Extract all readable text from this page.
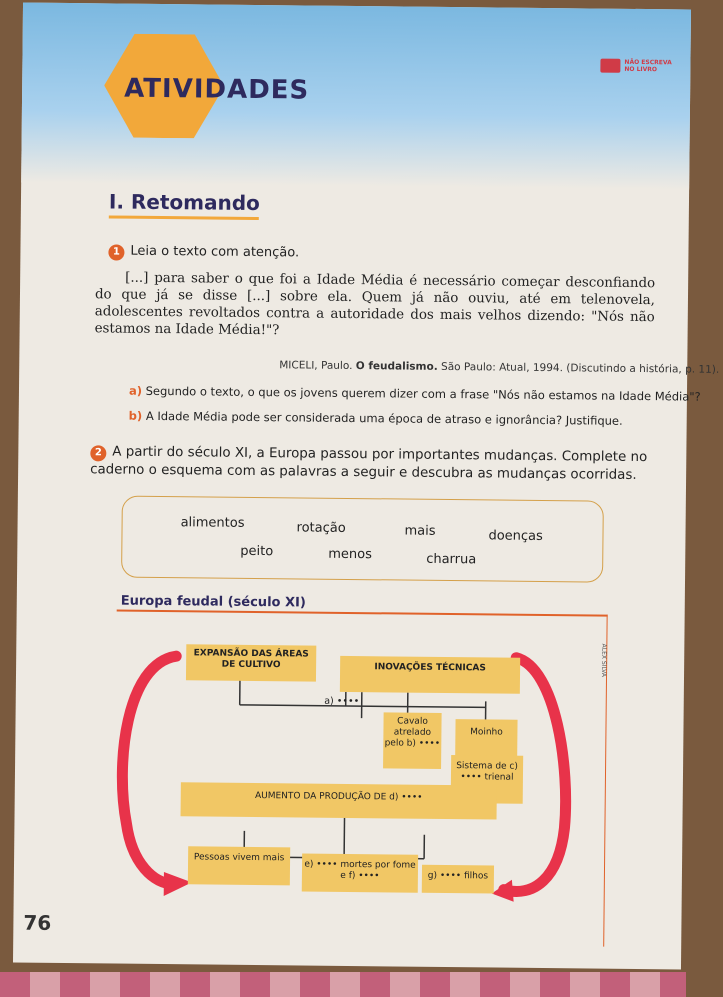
ATIVIDADES
NÃO ESCREVA NO LIVRO
I. Retomando
1 Leia o texto com atenção.
[...] para saber o que foi a Idade Média é necessário começar desconfiando do que já se disse [...] sobre ela. Quem já não ouviu, até em telenovela, adolescentes revoltados contra a autoridade dos mais velhos dizendo: "Nós não estamos na Idade Média!"?
MICELI, Paulo. O feudalismo. São Paulo: Atual, 1994. (Discutindo a história, p. 11).
a) Segundo o texto, o que os jovens querem dizer com a frase "Nós não estamos na Idade Média"?
b) A Idade Média pode ser considerada uma época de atraso e ignorância? Justifique.
2 A partir do século XI, a Europa passou por importantes mudanças. Complete no caderno o esquema com as palavras a seguir e descubra as mudanças ocorridas.
alimentos	rotação	mais	doenças
peito	menos	charrua
Europa feudal (século XI)
EXPANSÃO DAS ÁREAS DE CULTIVO	INOVAÇÕES TÉCNICAS
a) ••••
Cavalo atrelado pelo b) ••••
Moinho
Sistema de c) •••• trienal
AUMENTO DA PRODUÇÃO DE d) ••••
Pessoas vivem mais
e) •••• mortes por fome e f) ••••	g) •••• filhos
ALEX SILVA
76
